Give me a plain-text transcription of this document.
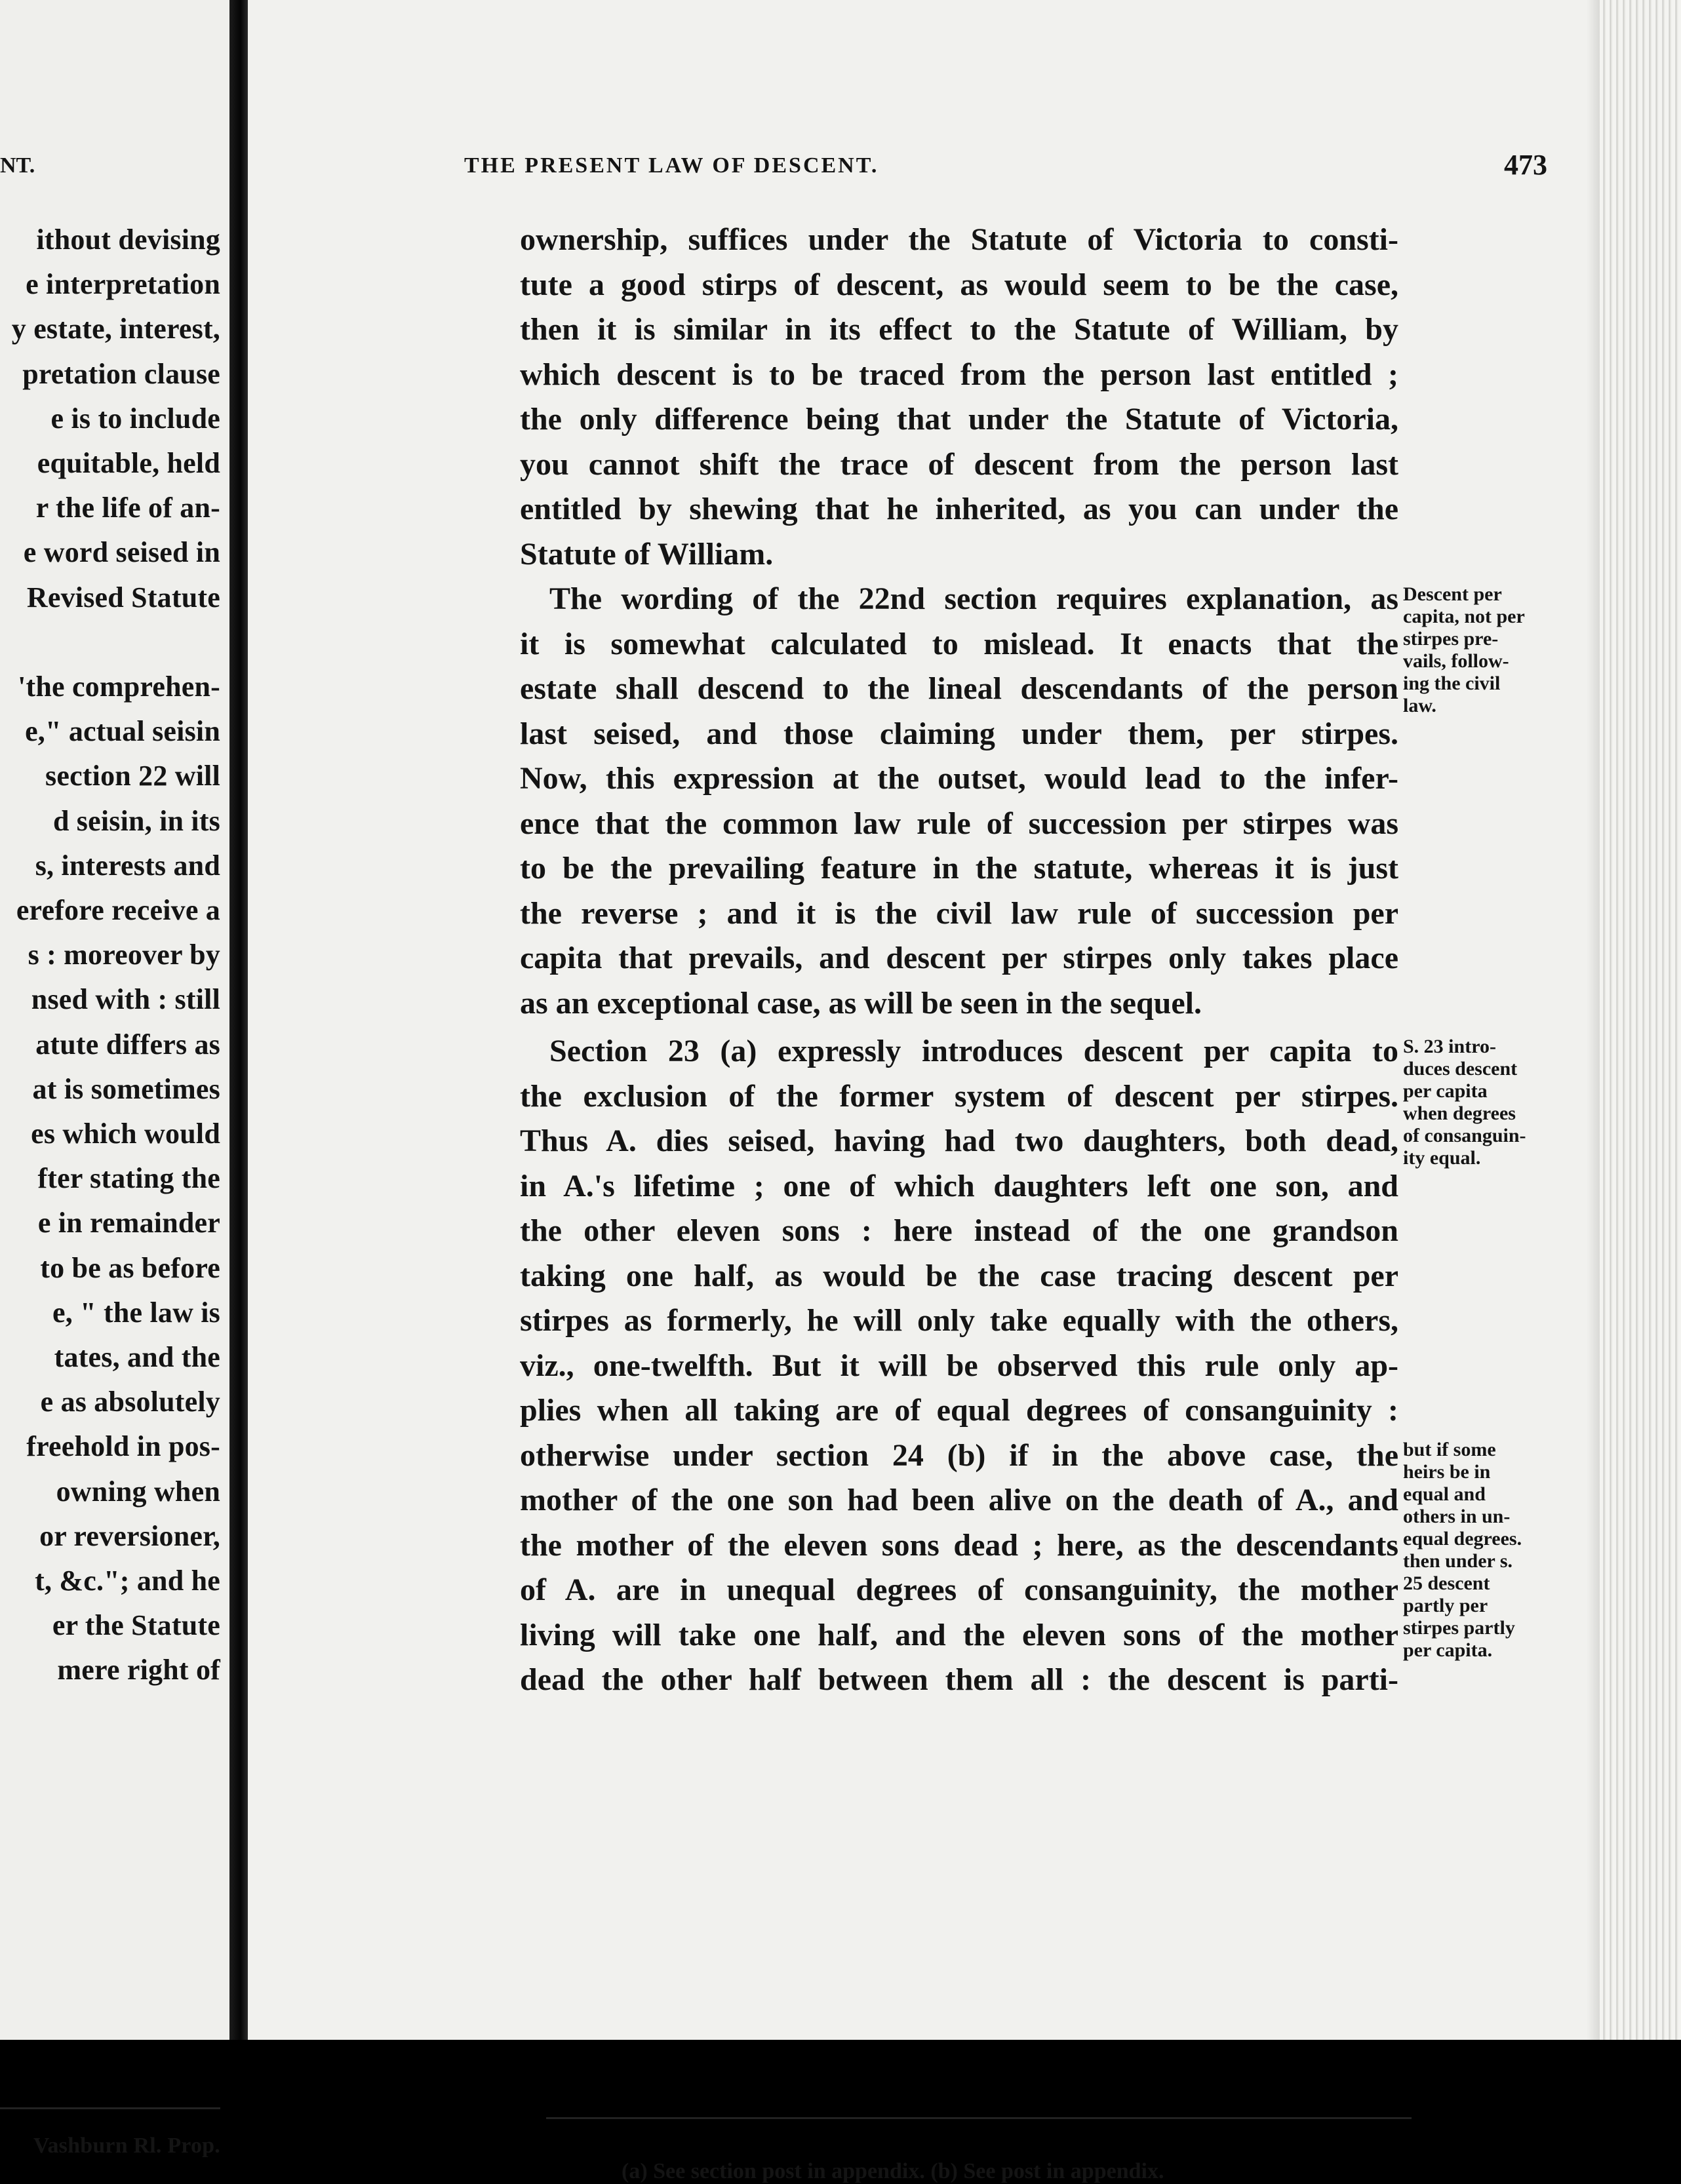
NT.
ithout devising
e interpretation
y estate, interest,
pretation clause
e is to include
equitable, held
r the life of an-
e word seised in
Revised Statute
'the comprehen-
e," actual seisin
section 22 will
d seisin, in its
s, interests and
erefore receive a
s : moreover by
nsed with : still
atute differs as
at is sometimes
es which would
fter stating the
e in remainder
to be as before
e, " the law is
tates, and the
e as absolutely
freehold in pos-
owning when
or reversioner,
t, &c."; and he
er the Statute
mere right of
Vashburn Rl. Prop.
THE PRESENT LAW OF DESCENT.	473
ownership, suffices under the Statute of Victoria to consti-
tute a good stirps of descent, as would seem to be the case,
then it is similar in its effect to the Statute of William, by
which descent is to be traced from the person last entitled ;
the only difference being that under the Statute of Victoria,
you cannot shift the trace of descent from the person last
entitled by shewing that he inherited, as you can under the
Statute of William.
The wording of the 22nd section requires explanation, as
it is somewhat calculated to mislead. It enacts that the
estate shall descend to the lineal descendants of the person
last seised, and those claiming under them, per stirpes.
Now, this expression at the outset, would lead to the infer-
ence that the common law rule of succession per stirpes was
to be the prevailing feature in the statute, whereas it is just
the reverse ; and it is the civil law rule of succession per
capita that prevails, and descent per stirpes only takes place
as an exceptional case, as will be seen in the sequel.
Section 23 (a) expressly introduces descent per capita to
the exclusion of the former system of descent per stirpes.
Thus A. dies seised, having had two daughters, both dead,
in A.'s lifetime ; one of which daughters left one son, and
the other eleven sons : here instead of the one grandson
taking one half, as would be the case tracing descent per
stirpes as formerly, he will only take equally with the others,
viz., one-twelfth. But it will be observed this rule only ap-
plies when all taking are of equal degrees of consanguinity :
otherwise under section 24 (b) if in the above case, the
mother of the one son had been alive on the death of A., and
the mother of the eleven sons dead ; here, as the descendants
of A. are in unequal degrees of consanguinity, the mother
living will take one half, and the eleven sons of the mother
dead the other half between them all : the descent is parti-
Descent per
capita, not per
stirpes pre-
vails, follow-
ing the civil
law.
S. 23 intro-
duces descent
per capita
when degrees
of consanguin-
ity equal.
but if some
heirs be in
equal and
others in un-
equal degrees.
then under s.
25 descent
partly per
stirpes partly
per capita.
(a) See section post in appendix. (b) See post in appendix.
